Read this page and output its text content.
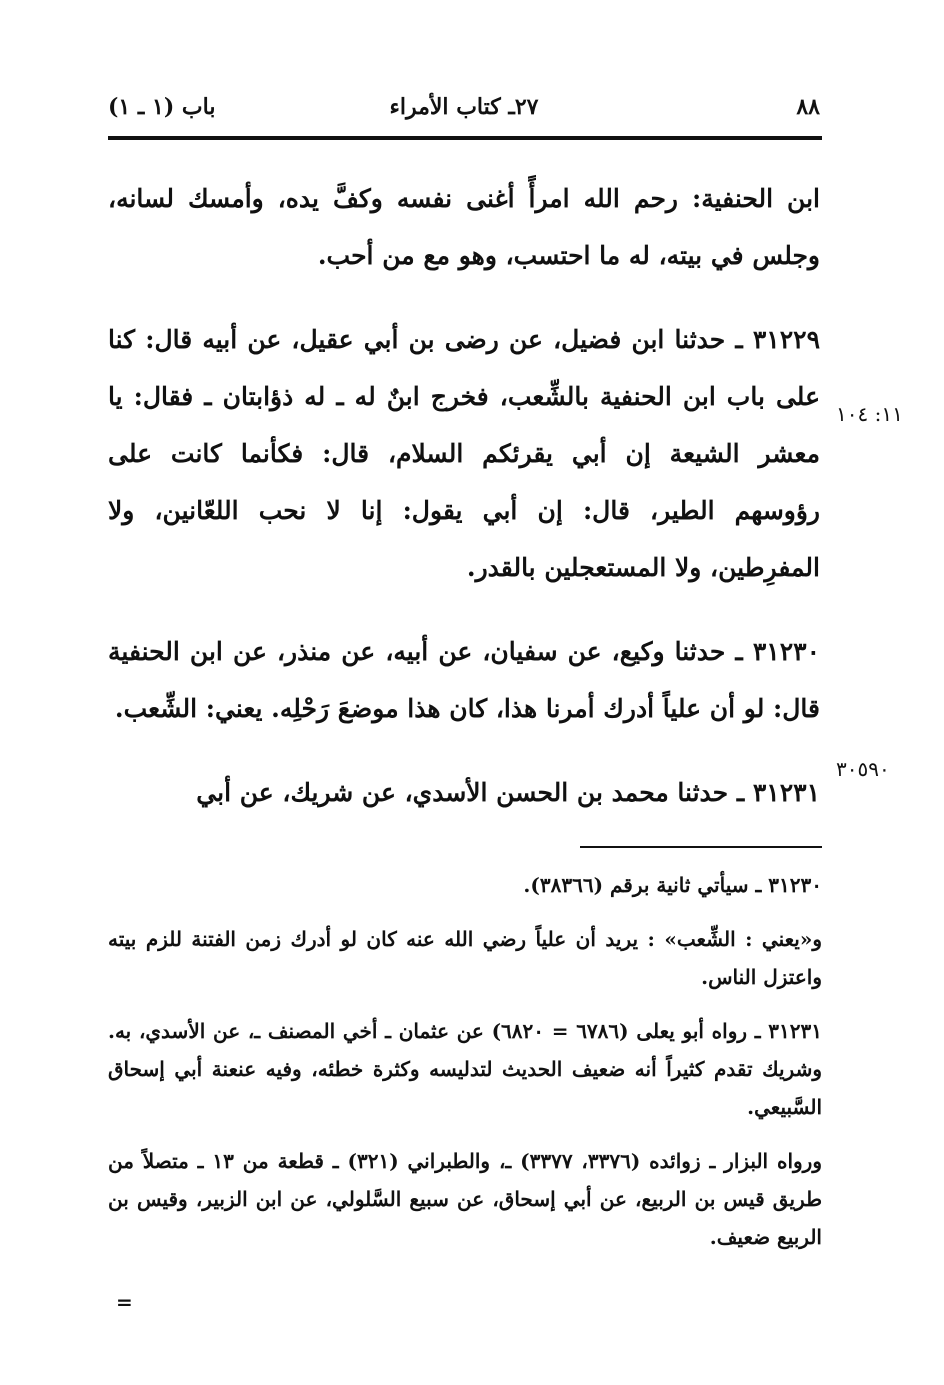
٨٨
٢٧ـ كتاب الأمراء
باب (١ ـ ١)

ابن الحنفية: رحم الله امرأً أغنى نفسه وكفَّ يده، وأمسك لسانه، وجلس في بيته، له ما احتسب، وهو مع من أحب.

٣١٢٢٩ ـ حدثنا ابن فضيل، عن رضى بن أبي عقيل، عن أبيه قال: كنا على باب ابن الحنفية بالشِّعب، فخرج ابنٌ له ـ له ذؤابتان ـ فقال: يا معشر الشيعة إن أبي يقرئكم السلام، قال: فكأنما كانت على رؤوسهم الطير، قال: إن أبي يقول: إنا لا نحب اللعّانين، ولا المفرِطين، ولا المستعجلين بالقدر.

٣١٢٣٠ ـ حدثنا وكيع، عن سفيان، عن أبيه، عن منذر، عن ابن الحنفية قال: لو أن علياً أدرك أمرنا هذا، كان هذا موضعَ رَحْلِه. يعني: الشِّعب.

٣١٢٣١ ـ حدثنا محمد بن الحسن الأسدي، عن شريك، عن أبي

١١: ١٠٤
٣٠٥٩٠

٣١٢٣٠ ـ سيأتي ثانية برقم (٣٨٣٦٦).

و«يعني : الشِّعب» : يريد أن علياً رضي الله عنه كان لو أدرك زمن الفتنة للزم بيته واعتزل الناس.

٣١٢٣١ ـ رواه أبو يعلى (٦٧٨٦ = ٦٨٢٠) عن عثمان ـ أخي المصنف ـ، عن الأسدي، به. وشريك تقدم كثيراً أنه ضعيف الحديث لتدليسه وكثرة خطئه، وفيه عنعنة أبي إسحاق السَّبيعي.

ورواه البزار ـ زوائده (٣٣٧٦، ٣٣٧٧) ـ، والطبراني (٣٢١) ـ قطعة من ١٣ ـ متصلاً من طريق قيس بن الربيع، عن أبي إسحاق، عن سبيع السَّلولي، عن ابن الزبير، وقيس بن الربيع ضعيف.

=
